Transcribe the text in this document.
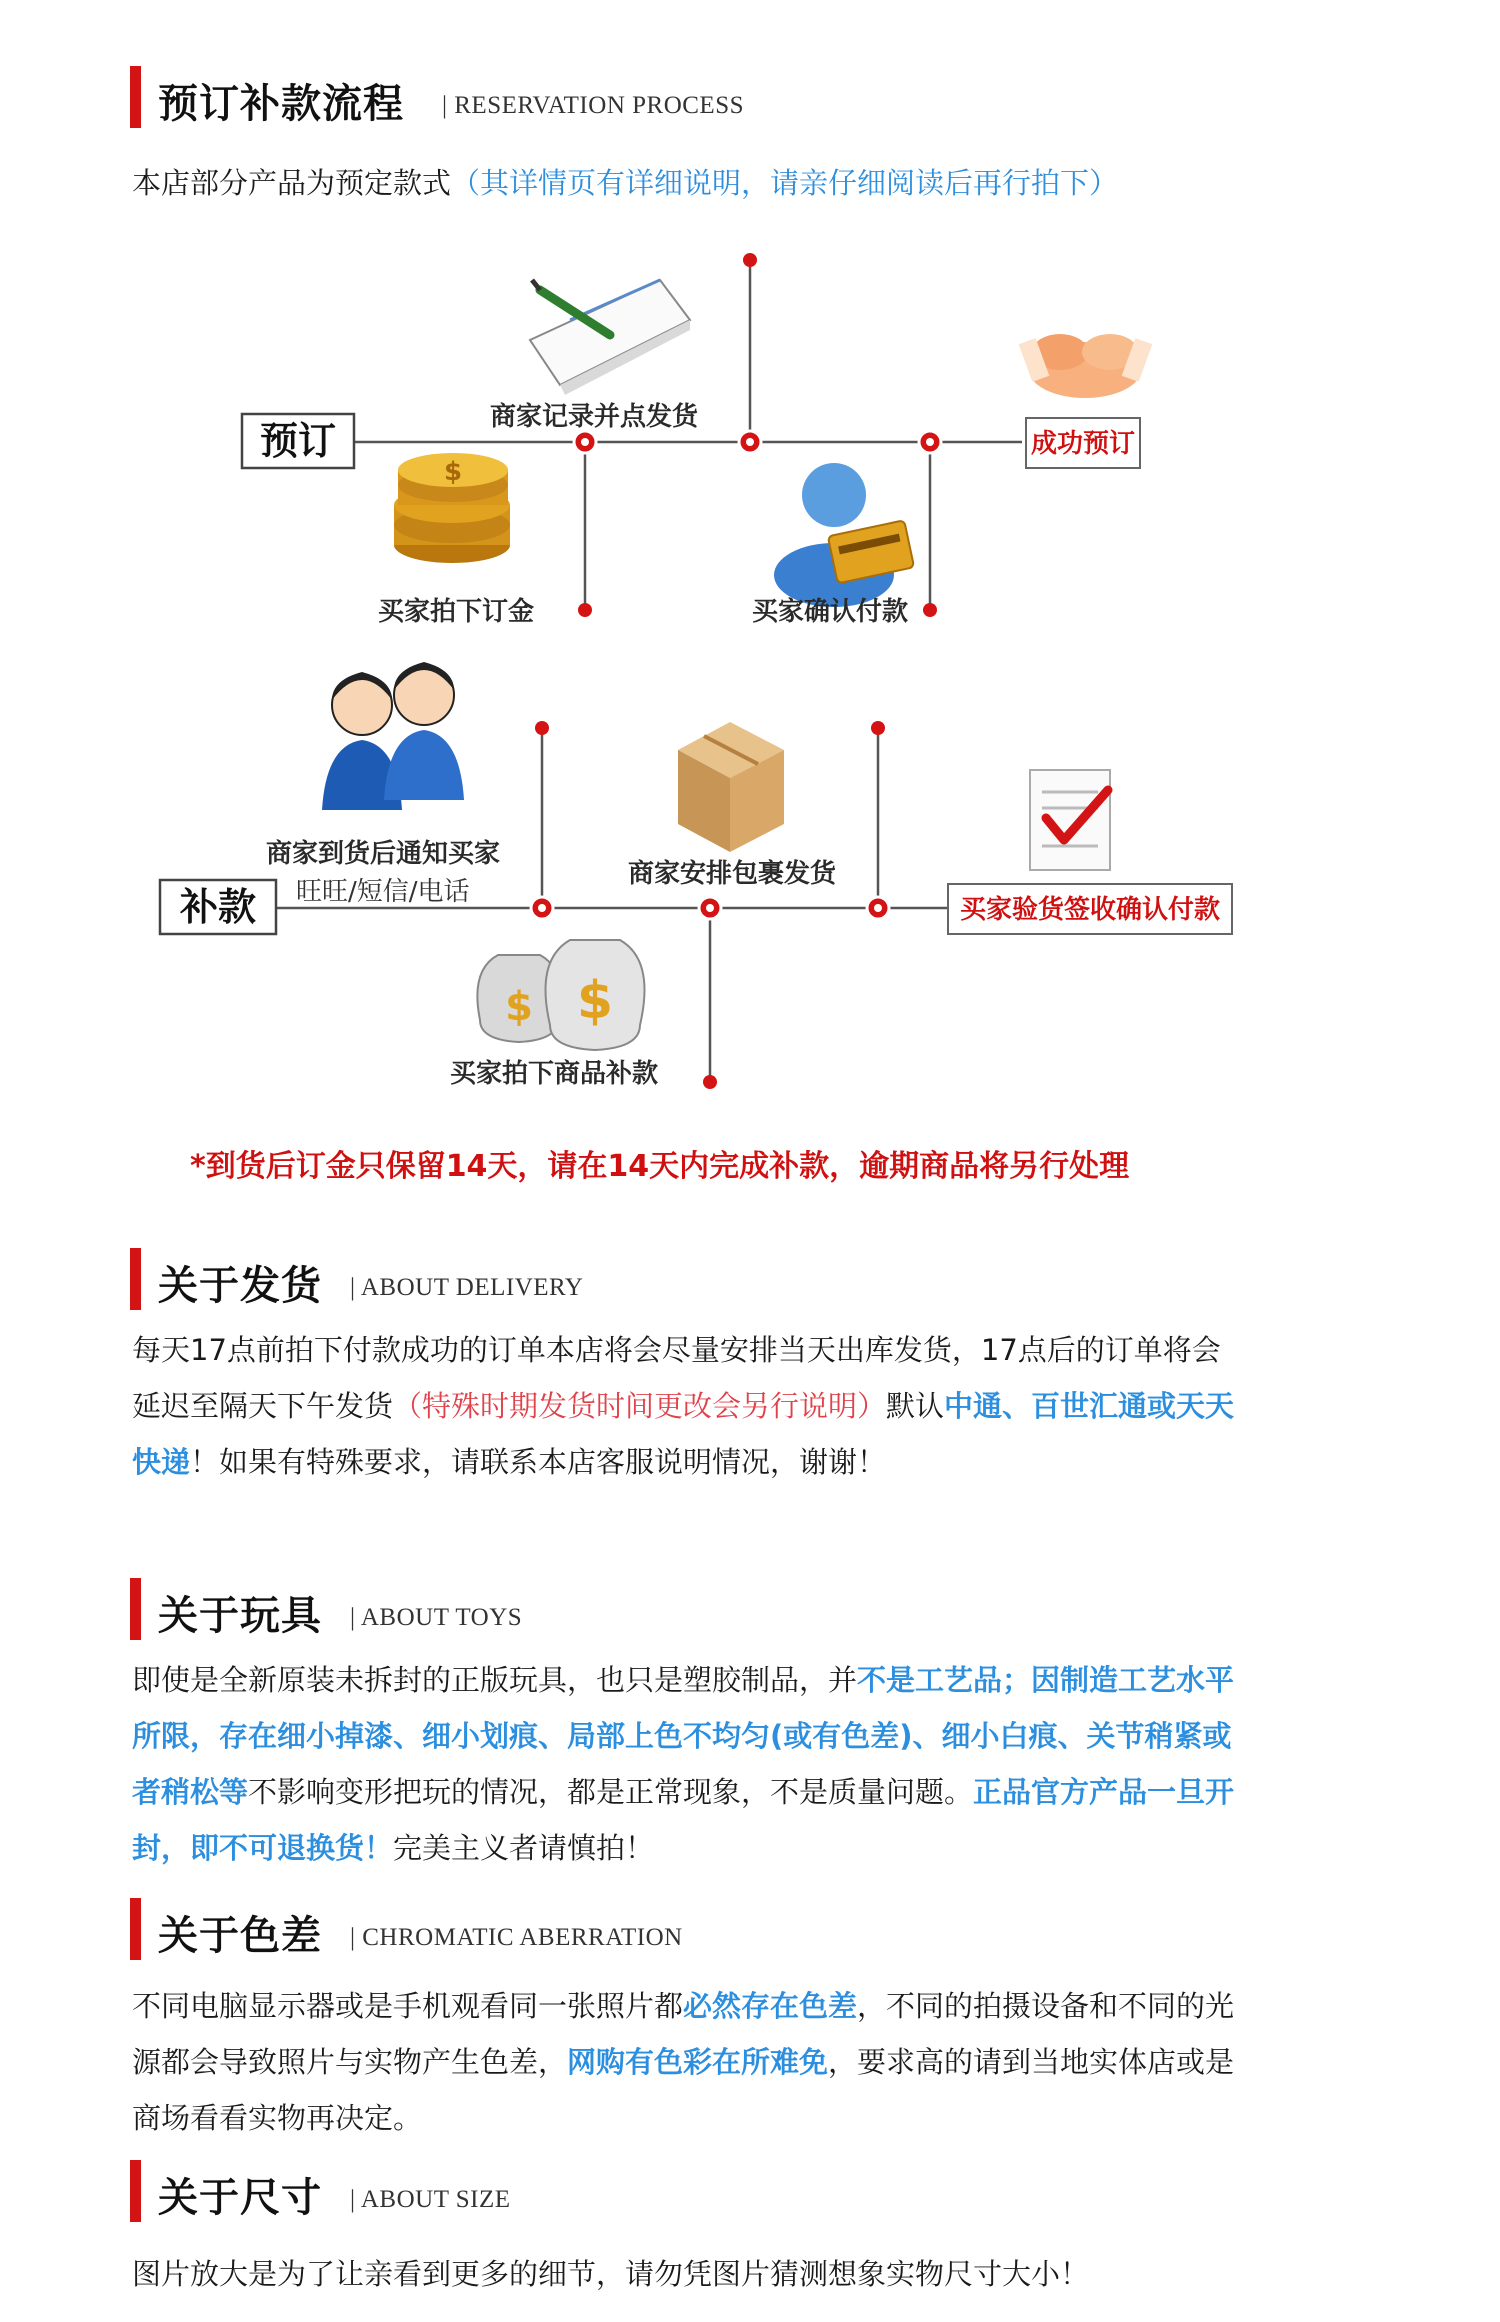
预订补款流程 | RESERVATION PROCESS

本店部分产品为预定款式（其详情页有详细说明，请亲仔细阅读后再行拍下）

预订	成功预订
商家记录并点发货
$
买家拍下订金	买家确认付款
补款	买家验货签收确认付款
商家到货后通知买家
旺旺/短信/电话
商家安排包裹发货
$ $
买家拍下商品补款
*到货后订金只保留14天，请在14天内完成补款，逾期商品将另行处理
关于发货 | ABOUT DELIVERY

每天17点前拍下付款成功的订单本店将会尽量安排当天出库发货，17点后的订单将会延迟至隔天下午发货（特殊时期发货时间更改会另行说明）默认中通、百世汇通或天天快递！如果有特殊要求，请联系本店客服说明情况，谢谢！

关于玩具 | ABOUT TOYS

即使是全新原装未拆封的正版玩具，也只是塑胶制品，并不是工艺品；因制造工艺水平所限，存在细小掉漆、细小划痕、局部上色不均匀(或有色差)、细小白痕、关节稍紧或者稍松等不影响变形把玩的情况，都是正常现象，不是质量问题。正品官方产品一旦开封，即不可退换货！完美主义者请慎拍！

关于色差 | CHROMATIC ABERRATION

不同电脑显示器或是手机观看同一张照片都必然存在色差，不同的拍摄设备和不同的光源都会导致照片与实物产生色差，网购有色彩在所难免，要求高的请到当地实体店或是商场看看实物再决定。

关于尺寸 | ABOUT SIZE

图片放大是为了让亲看到更多的细节，请勿凭图片猜测想象实物尺寸大小！
